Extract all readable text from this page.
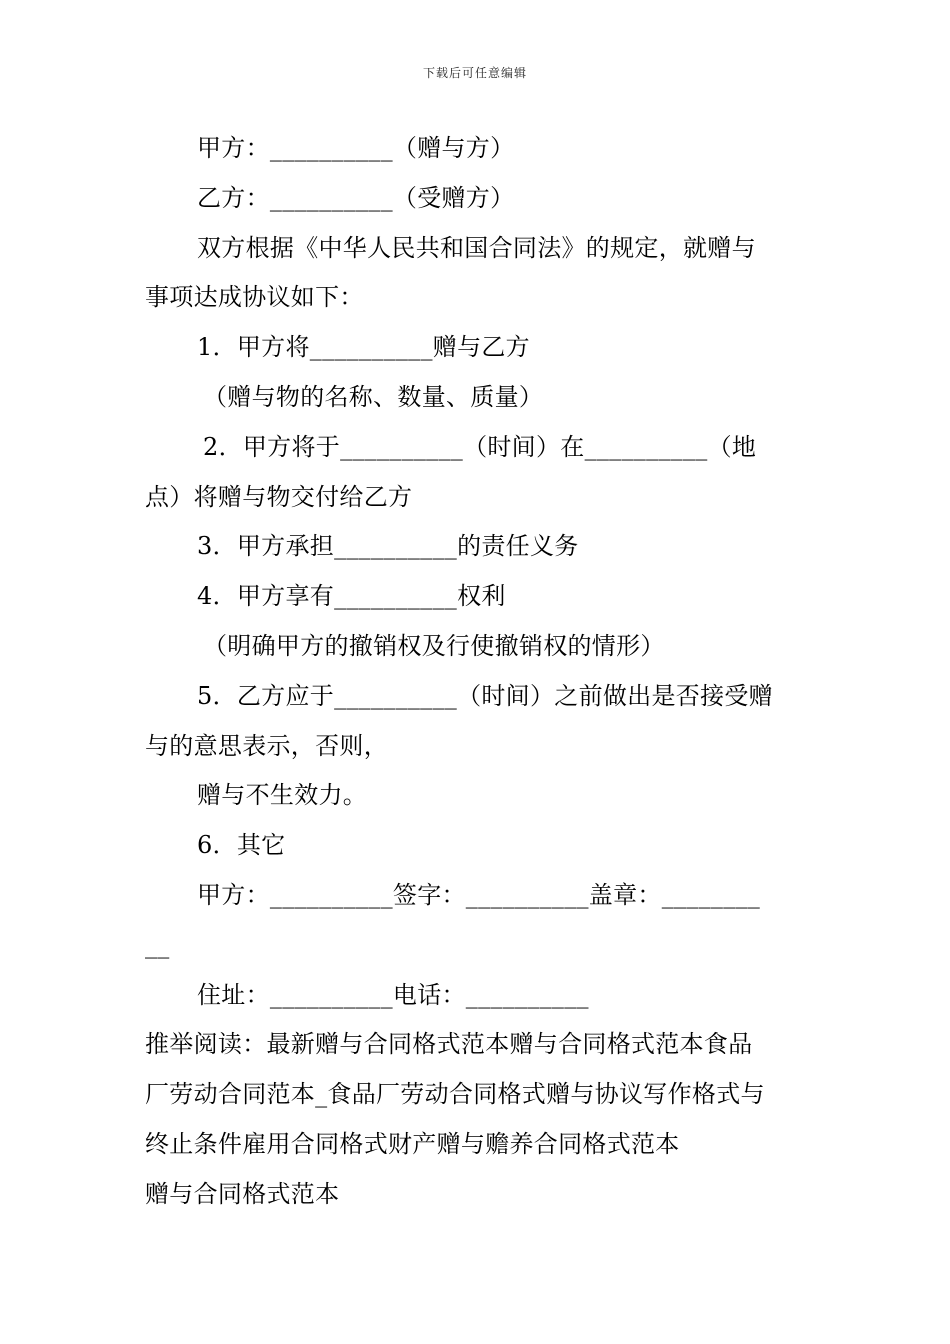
下载后可任意编辑
甲方：__________（赠与方）
乙方：__________（受赠方）
双方根据《中华人民共和国合同法》的规定，就赠与
事项达成协议如下：
1．甲方将__________赠与乙方
（赠与物的名称、数量、质量）
2．甲方将于__________（时间）在__________（地
点）将赠与物交付给乙方
3．甲方承担__________的责任义务
4．甲方享有__________权利
（明确甲方的撤销权及行使撤销权的情形）
5．乙方应于__________（时间）之前做出是否接受赠
与的意思表示，否则，
赠与不生效力。
6．其它
甲方：__________签字：__________盖章：________
__
住址：__________电话：__________
推举阅读：最新赠与合同格式范本赠与合同格式范本食品
厂劳动合同范本_食品厂劳动合同格式赠与协议写作格式与
终止条件雇用合同格式财产赠与赡养合同格式范本
赠与合同格式范本
